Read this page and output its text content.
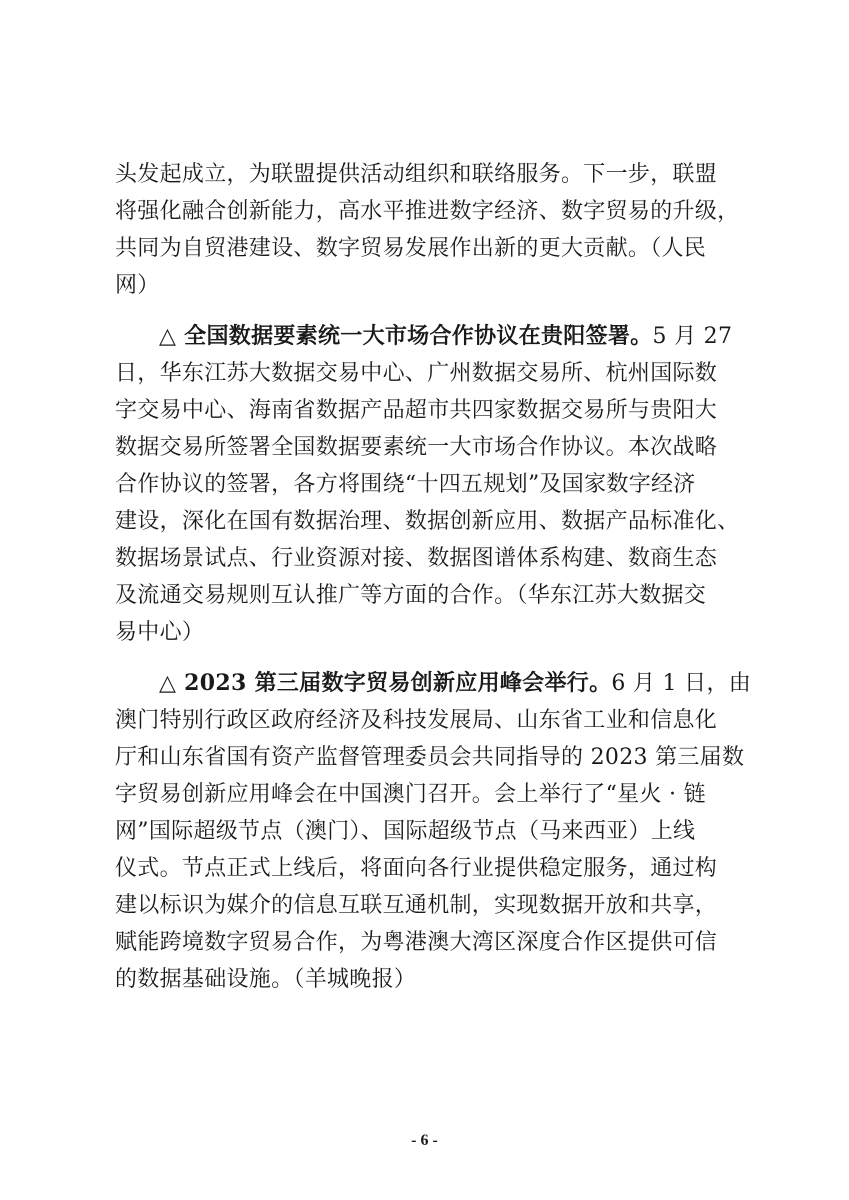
头发起成立，为联盟提供活动组织和联络服务。下一步，联盟
将强化融合创新能力，高水平推进数字经济、数字贸易的升级，
共同为自贸港建设、数字贸易发展作出新的更大贡献。（人民
网）
△ 全国数据要素统一大市场合作协议在贵阳签署。5 月 27
日，华东江苏大数据交易中心、广州数据交易所、杭州国际数
字交易中心、海南省数据产品超市共四家数据交易所与贵阳大
数据交易所签署全国数据要素统一大市场合作协议。本次战略
合作协议的签署，各方将围绕“十四五规划”及国家数字经济
建设，深化在国有数据治理、数据创新应用、数据产品标准化、
数据场景试点、行业资源对接、数据图谱体系构建、数商生态
及流通交易规则互认推广等方面的合作。（华东江苏大数据交
易中心）
△ 2023 第三届数字贸易创新应用峰会举行。6 月 1 日，由
澳门特别行政区政府经济及科技发展局、山东省工业和信息化
厅和山东省国有资产监督管理委员会共同指导的 2023 第三届数
字贸易创新应用峰会在中国澳门召开。会上举行了“星火 · 链
网”国际超级节点（澳门）、国际超级节点（马来西亚）上线
仪式。节点正式上线后，将面向各行业提供稳定服务，通过构
建以标识为媒介的信息互联互通机制，实现数据开放和共享，
赋能跨境数字贸易合作，为粤港澳大湾区深度合作区提供可信
的数据基础设施。（羊城晚报）
- 6 -
